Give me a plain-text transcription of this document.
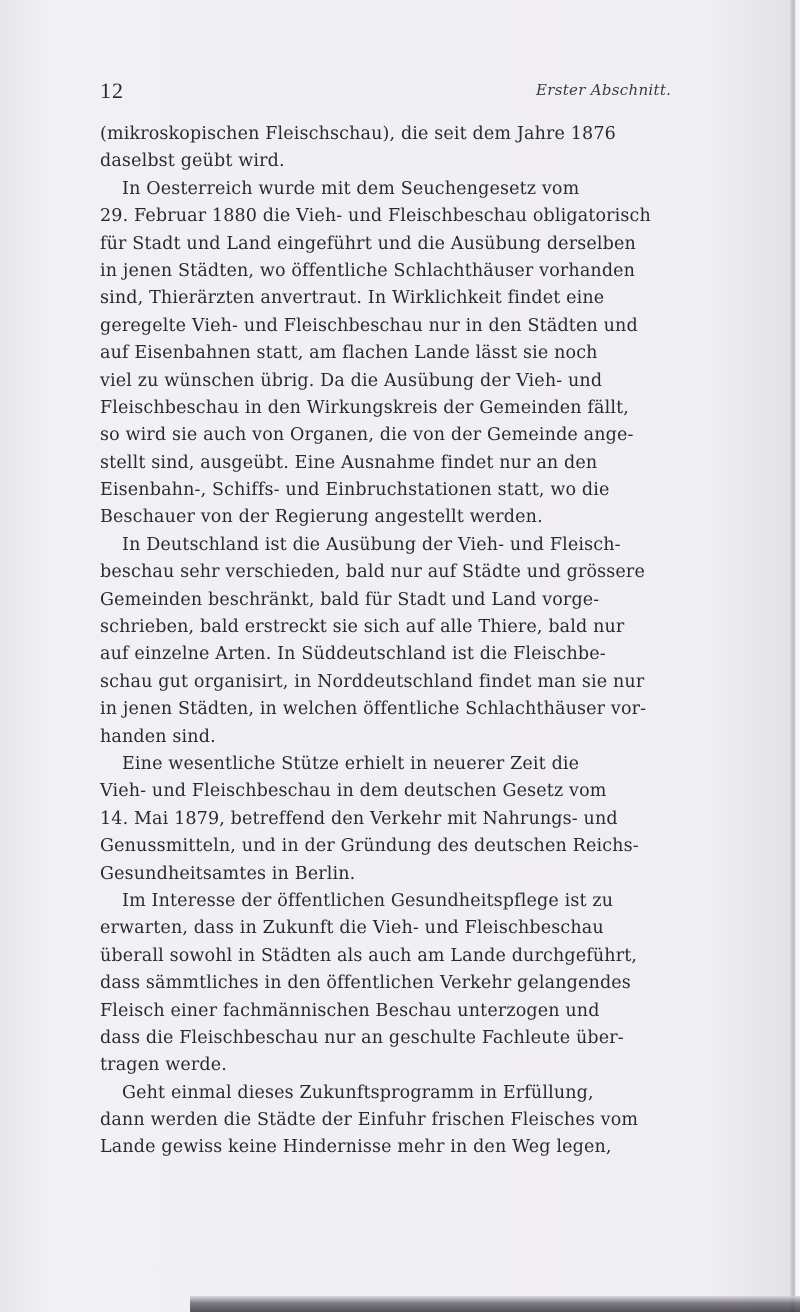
12	Erster Abschnitt.
(mikroskopischen Fleischschau), die seit dem Jahre 1876
daselbst geübt wird.
In Oesterreich wurde mit dem Seuchengesetz vom
29. Februar 1880 die Vieh- und Fleischbeschau obligatorisch
für Stadt und Land eingeführt und die Ausübung derselben
in jenen Städten, wo öffentliche Schlachthäuser vorhanden
sind, Thierärzten anvertraut. In Wirklichkeit findet eine
geregelte Vieh- und Fleischbeschau nur in den Städten und
auf Eisenbahnen statt, am flachen Lande lässt sie noch
viel zu wünschen übrig. Da die Ausübung der Vieh- und
Fleischbeschau in den Wirkungskreis der Gemeinden fällt,
so wird sie auch von Organen, die von der Gemeinde ange-
stellt sind, ausgeübt. Eine Ausnahme findet nur an den
Eisenbahn-, Schiffs- und Einbruchstationen statt, wo die
Beschauer von der Regierung angestellt werden.
In Deutschland ist die Ausübung der Vieh- und Fleisch-
beschau sehr verschieden, bald nur auf Städte und grössere
Gemeinden beschränkt, bald für Stadt und Land vorge-
schrieben, bald erstreckt sie sich auf alle Thiere, bald nur
auf einzelne Arten. In Süddeutschland ist die Fleischbe-
schau gut organisirt, in Norddeutschland findet man sie nur
in jenen Städten, in welchen öffentliche Schlachthäuser vor-
handen sind.
Eine wesentliche Stütze erhielt in neuerer Zeit die
Vieh- und Fleischbeschau in dem deutschen Gesetz vom
14. Mai 1879, betreffend den Verkehr mit Nahrungs- und
Genussmitteln, und in der Gründung des deutschen Reichs-
Gesundheitsamtes in Berlin.
Im Interesse der öffentlichen Gesundheitspflege ist zu
erwarten, dass in Zukunft die Vieh- und Fleischbeschau
überall sowohl in Städten als auch am Lande durchgeführt,
dass sämmtliches in den öffentlichen Verkehr gelangendes
Fleisch einer fachmännischen Beschau unterzogen und
dass die Fleischbeschau nur an geschulte Fachleute über-
tragen werde.
Geht einmal dieses Zukunftsprogramm in Erfüllung,
dann werden die Städte der Einfuhr frischen Fleisches vom
Lande gewiss keine Hindernisse mehr in den Weg legen,
